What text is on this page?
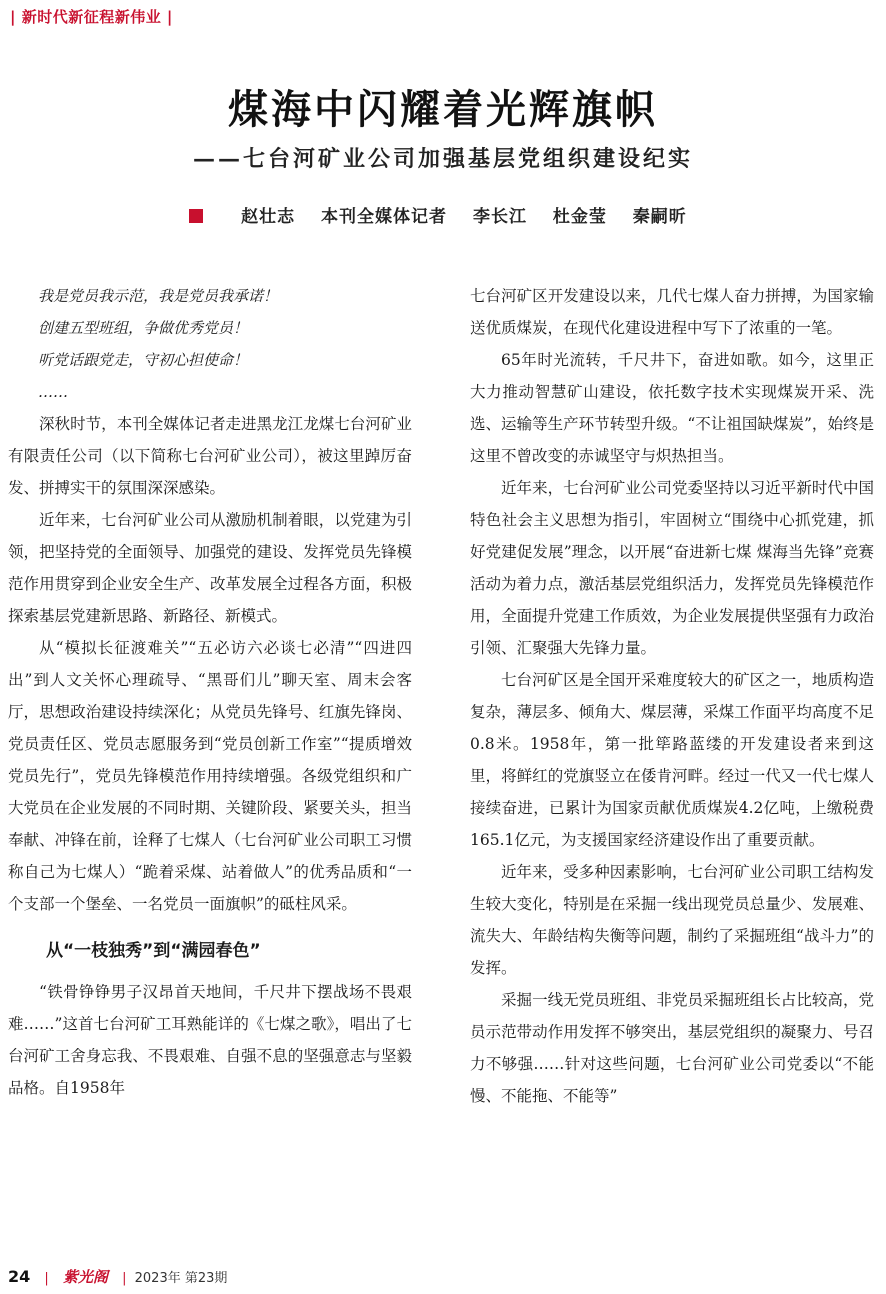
| 新时代新征程新伟业 |
煤海中闪耀着光辉旗帜
——七台河矿业公司加强基层党组织建设纪实
赵壮志 本刊全媒体记者 李长江 杜金莹 秦嗣昕
我是党员我示范，我是党员我承诺！
创建五型班组，争做优秀党员！
听党话跟党走，守初心担使命！
……

深秋时节，本刊全媒体记者走进黑龙江龙煤七台河矿业有限责任公司（以下简称七台河矿业公司），被这里踔厉奋发、拼搏实干的氛围深深感染。

近年来，七台河矿业公司从激励机制着眼，以党建为引领，把坚持党的全面领导、加强党的建设、发挥党员先锋模范作用贯穿到企业安全生产、改革发展全过程各方面，积极探索基层党建新思路、新路径、新模式。

从“模拟长征渡难关”“五必访六必谈七必清”“四进四出”到人文关怀心理疏导、“黑哥们儿”聊天室、周末会客厅，思想政治建设持续深化；从党员先锋号、红旗先锋岗、党员责任区、党员志愿服务到“党员创新工作室”“提质增效党员先行”，党员先锋模范作用持续增强。各级党组织和广大党员在企业发展的不同时期、关键阶段、紧要关头，担当奉献、冲锋在前，诠释了七煤人（七台河矿业公司职工习惯称自己为七煤人）“跪着采煤、站着做人”的优秀品质和“一个支部一个堡垒、一名党员一面旗帜”的砥柱风采。

从“一枝独秀”到“满园春色”

“铁骨铮铮男子汉昂首天地间，千尺井下摆战场不畏艰难……”这首七台河矿工耳熟能详的《七煤之歌》，唱出了七台河矿工舍身忘我、不畏艰难、自强不息的坚强意志与坚毅品格。自1958年

七台河矿区开发建设以来，几代七煤人奋力拼搏，为国家输送优质煤炭，在现代化建设进程中写下了浓重的一笔。

65年时光流转，千尺井下，奋进如歌。如今，这里正大力推动智慧矿山建设，依托数字技术实现煤炭开采、洗选、运输等生产环节转型升级。“不让祖国缺煤炭”，始终是这里不曾改变的赤诚坚守与炽热担当。

近年来，七台河矿业公司党委坚持以习近平新时代中国特色社会主义思想为指引，牢固树立“围绕中心抓党建，抓好党建促发展”理念，以开展“奋进新七煤 煤海当先锋”竞赛活动为着力点，激活基层党组织活力，发挥党员先锋模范作用，全面提升党建工作质效，为企业发展提供坚强有力政治引领、汇聚强大先锋力量。

七台河矿区是全国开采难度较大的矿区之一，地质构造复杂，薄层多、倾角大、煤层薄，采煤工作面平均高度不足0.8米。1958年，第一批筚路蓝缕的开发建设者来到这里，将鲜红的党旗竖立在倭肯河畔。经过一代又一代七煤人接续奋进，已累计为国家贡献优质煤炭4.2亿吨，上缴税费165.1亿元，为支援国家经济建设作出了重要贡献。

近年来，受多种因素影响，七台河矿业公司职工结构发生较大变化，特别是在采掘一线出现党员总量少、发展难、流失大、年龄结构失衡等问题，制约了采掘班组“战斗力”的发挥。

采掘一线无党员班组、非党员采掘班组长占比较高，党员示范带动作用发挥不够突出，基层党组织的凝聚力、号召力不够强……针对这些问题，七台河矿业公司党委以“不能慢、不能拖、不能等”

24 | 紫光阁 | 2023年 第23期
